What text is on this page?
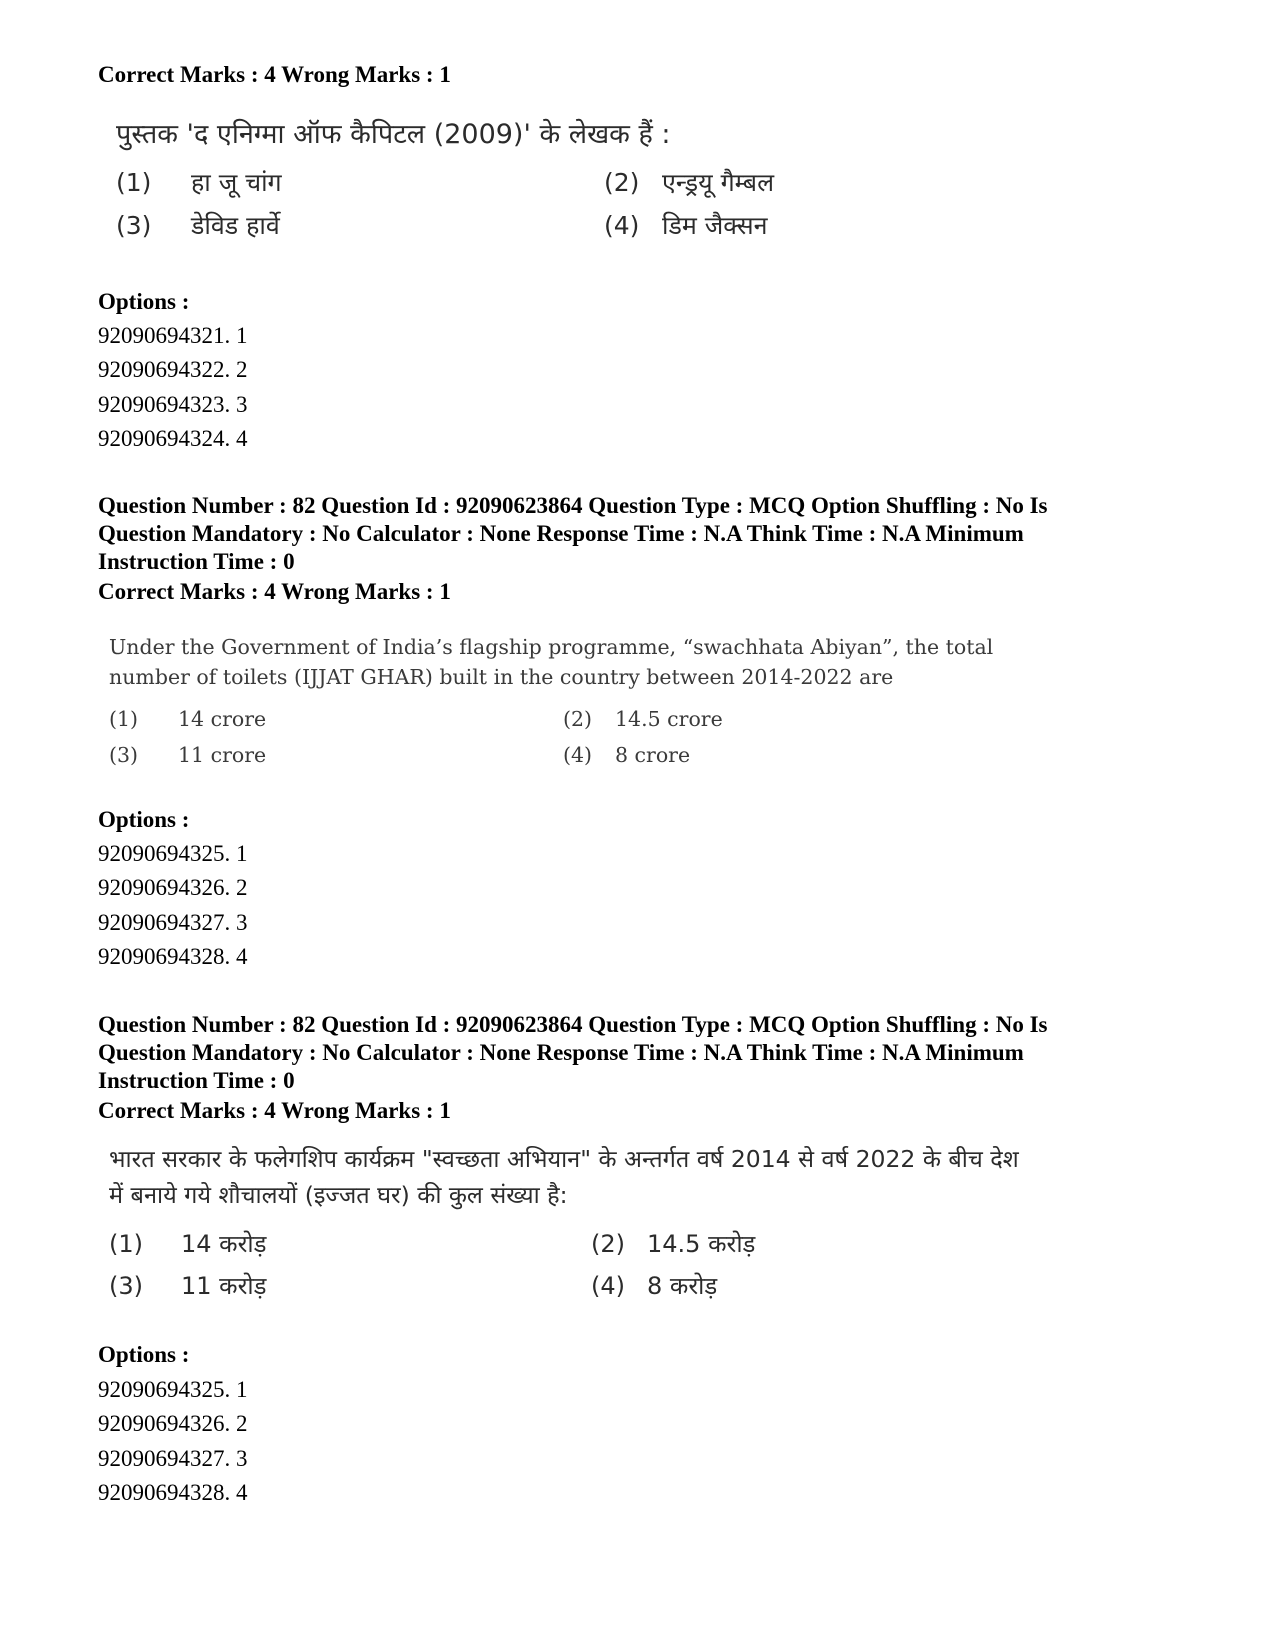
Correct Marks : 4 Wrong Marks : 1
पुस्तक 'द एनिग्मा ऑफ कैपिटल (2009)' के लेखक हैं :
(1) हा जू चांग	(2) एन्ड्रयू गैम्बल
(3) डेविड हार्वे	(4) डिम जैक्सन
Options :
92090694321. 1
92090694322. 2
92090694323. 3
92090694324. 4
Question Number : 82 Question Id : 92090623864 Question Type : MCQ Option Shuffling : No Is
Question Mandatory : No Calculator : None Response Time : N.A Think Time : N.A Minimum
Instruction Time : 0
Correct Marks : 4 Wrong Marks : 1
Under the Government of India’s flagship programme, “swachhata Abiyan”, the total
number of toilets (IJJAT GHAR) built in the country between 2014-2022 are
(1) 14 crore	(2) 14.5 crore
(3) 11 crore	(4) 8 crore
Options :
92090694325. 1
92090694326. 2
92090694327. 3
92090694328. 4
Question Number : 82 Question Id : 92090623864 Question Type : MCQ Option Shuffling : No Is
Question Mandatory : No Calculator : None Response Time : N.A Think Time : N.A Minimum
Instruction Time : 0
Correct Marks : 4 Wrong Marks : 1
भारत सरकार के फलेगशिप कार्यक्रम "स्वच्छता अभियान" के अन्तर्गत वर्ष 2014 से वर्ष 2022 के बीच देश
में बनाये गये शौचालयों (इज्जत घर) की कुल संख्या है:
(1) 14 करोड़	(2) 14.5 करोड़
(3) 11 करोड़	(4) 8 करोड़
Options :
92090694325. 1
92090694326. 2
92090694327. 3
92090694328. 4
